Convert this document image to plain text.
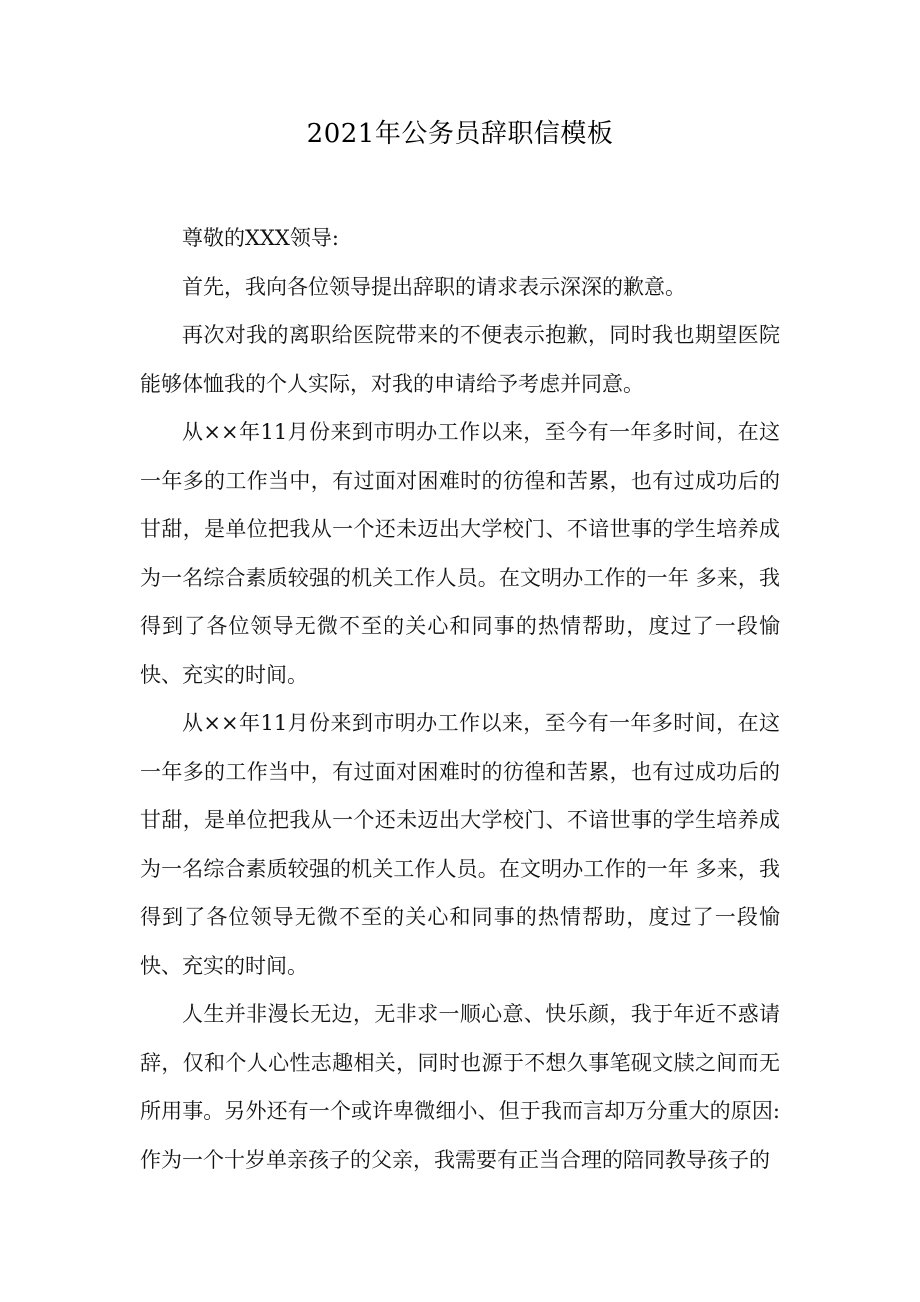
2021年公务员辞职信模板

尊敬的XXX领导:

首先，我向各位领导提出辞职的请求表示深深的歉意。

再次对我的离职给医院带来的不便表示抱歉，同时我也期望医院能够体恤我的个人实际，对我的申请给予考虑并同意。

从××年11月份来到市明办工作以来，至今有一年多时间，在这一年多的工作当中，有过面对困难时的彷徨和苦累，也有过成功后的甘甜，是单位把我从一个还未迈出大学校门、不谙世事的学生培养成为一名综合素质较强的机关工作人员。在文明办工作的一年 多来，我得到了各位领导无微不至的关心和同事的热情帮助，度过了一段愉快、充实的时间。

从××年11月份来到市明办工作以来，至今有一年多时间，在这一年多的工作当中，有过面对困难时的彷徨和苦累，也有过成功后的甘甜，是单位把我从一个还未迈出大学校门、不谙世事的学生培养成为一名综合素质较强的机关工作人员。在文明办工作的一年 多来，我得到了各位领导无微不至的关心和同事的热情帮助，度过了一段愉快、充实的时间。

人生并非漫长无边，无非求一顺心意、快乐颜，我于年近不惑请辞，仅和个人心性志趣相关，同时也源于不想久事笔砚文牍之间而无所用事。另外还有一个或许卑微细小、但于我而言却万分重大的原因:作为一个十岁单亲孩子的父亲，我需要有正当合理的陪同教导孩子的
